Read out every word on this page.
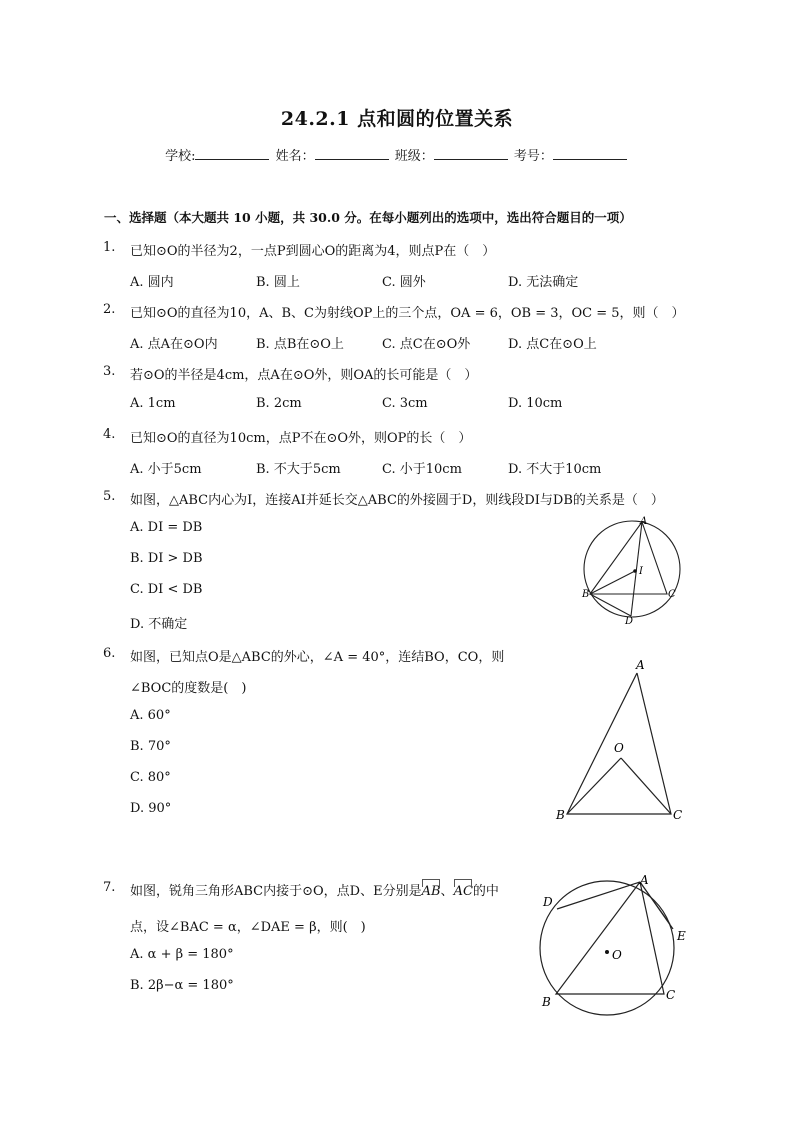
24.2.1 点和圆的位置关系
学校:	姓名：	班级：	考号：
一、选择题（本大题共 10 小题，共 30.0 分。在每小题列出的选项中，选出符合题目的一项）
1. 已知⊙O的半径为2，一点P到圆心O的距离为4，则点P在（　）
A. 圆内	B. 圆上	C. 圆外	D. 无法确定
2. 已知⊙O的直径为10，A、B、C为射线OP上的三个点，OA = 6，OB = 3，OC = 5，则（　）
A. 点A在⊙O内	B. 点B在⊙O上	C. 点C在⊙O外	D. 点C在⊙O上
3. 若⊙O的半径是4cm，点A在⊙O外，则OA的长可能是（　）
A. 1cm	B. 2cm	C. 3cm	D. 10cm
4. 已知⊙O的直径为10cm，点P不在⊙O外，则OP的长（　）
A. 小于5cm	B. 不大于5cm	C. 小于10cm	D. 不大于10cm
5. 如图，△ABC内心为I，连接AI并延长交△ABC的外接圆于D，则线段DI与DB的关系是（　）
A. DI = DB
B. DI > DB
C. DI < DB
D. 不确定
A
B	C
D
I
6. 如图，已知点O是△ABC的外心，∠A = 40°，连结BO，CO，则
∠BOC的度数是(　)
A. 60°
B. 70°
C. 80°
D. 90°
A
B	C
O
7. 如图，锐角三角形ABC内接于⊙O，点D、E分别是
AB、
AC的中
点，设∠BAC = α，∠DAE = β，则(　)
A. α + β = 180°
B. 2β−α = 180°
A
B	C
D
E
O
